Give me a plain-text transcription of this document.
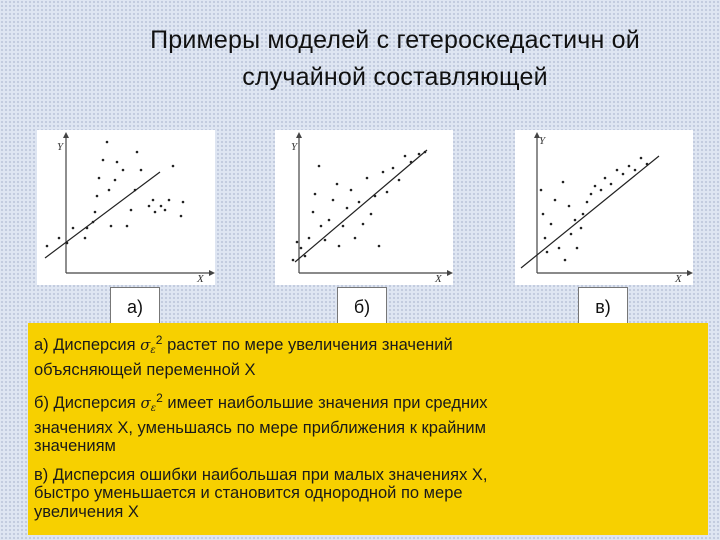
Примеры моделей с гетероскедастичн ой
случайной составляющей
Y
X
Y
X
Y
X
а)	б)	в)
а) Дисперсия $\sigma_\varepsilon^2$ растет по мере увеличения значений
объясняющей переменной X
б) Дисперсия $\sigma_\varepsilon^2$ имеет наибольшие значения при средних
значениях X, уменьшаясь по мере приближения к крайним
значениям
в) Дисперсия ошибки наибольшая при малых значениях X,
быстро уменьшается и становится однородной по мере
увеличения X
